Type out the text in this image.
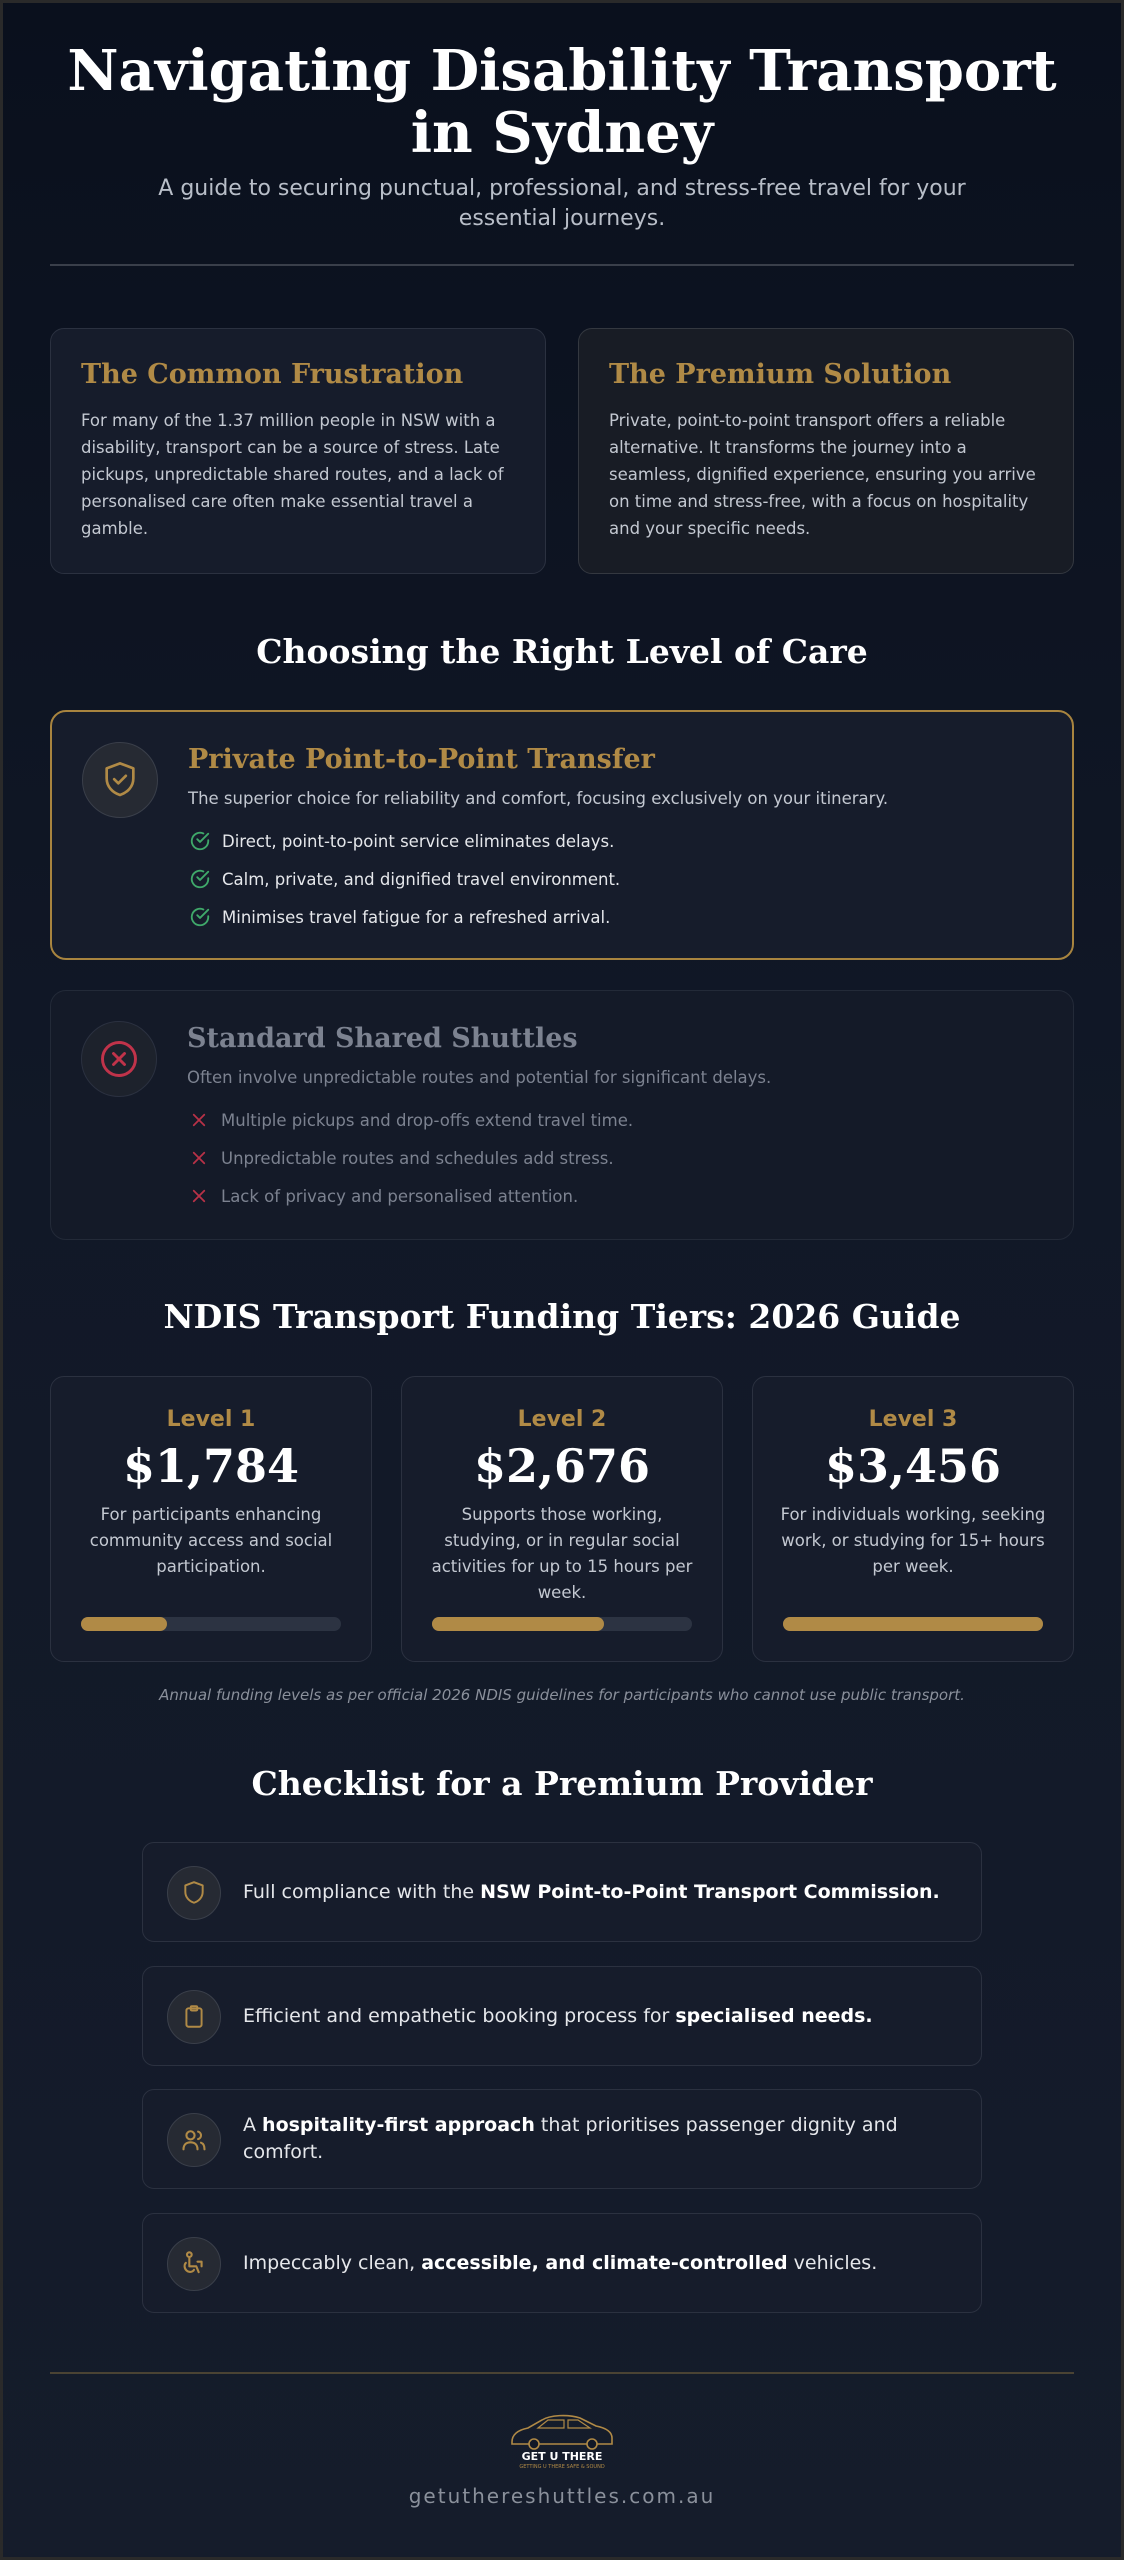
Navigating Disability Transport in Sydney

A guide to securing punctual, professional, and stress-free travel for your essential journeys.

The Common Frustration

For many of the 1.37 million people in NSW with a disability, transport can be a source of stress. Late pickups, unpredictable shared routes, and a lack of personalised care often make essential travel a gamble.

The Premium Solution

Private, point-to-point transport offers a reliable alternative. It transforms the journey into a seamless, dignified experience, ensuring you arrive on time and stress-free, with a focus on hospitality and your specific needs.

Choosing the Right Level of Care
Private Point-to-Point Transfer
The superior choice for reliability and comfort, focusing exclusively on your itinerary.
Direct, point-to-point service eliminates delays.
Calm, private, and dignified travel environment.
Minimises travel fatigue for a refreshed arrival.
Standard Shared Shuttles
Often involve unpredictable routes and potential for significant delays.
Multiple pickups and drop-offs extend travel time.
Unpredictable routes and schedules add stress.
Lack of privacy and personalised attention.
NDIS Transport Funding Tiers: 2026 Guide
Level 1
$1,784
For participants enhancing community access and social participation.
Level 2
$2,676
Supports those working, studying, or in regular social activities for up to 15 hours per week.
Level 3
$3,456
For individuals working, seeking work, or studying for 15+ hours per week.

Annual funding levels as per official 2026 NDIS guidelines for participants who cannot use public transport.

Checklist for a Premium Provider
Full compliance with the NSW Point-to-Point Transport Commission.
Efficient and empathetic booking process for specialised needs.
A hospitality-first approach that prioritises passenger dignity and comfort.
Impeccably clean, accessible, and climate-controlled vehicles.
GET U THERE
GETTING U THERE SAFE & SOUND

getuthereshuttles.com.au
